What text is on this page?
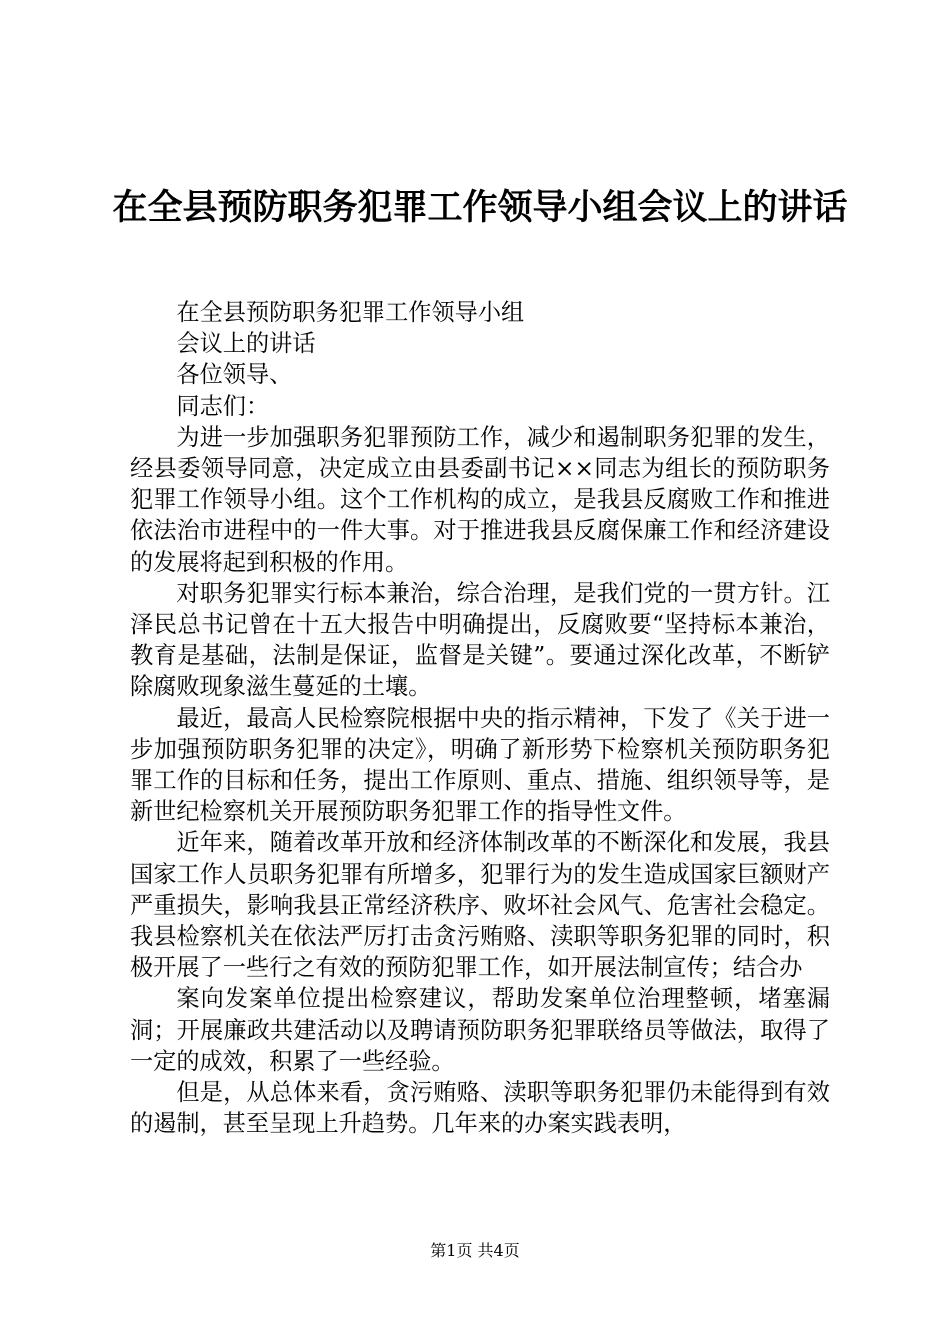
在全县预防职务犯罪工作领导小组会议上的讲话

在全县预防职务犯罪工作领导小组

会议上的讲话

各位领导、

同志们：

为进一步加强职务犯罪预防工作，减少和遏制职务犯罪的发生，经县委领导同意，决定成立由县委副书记××同志为组长的预防职务犯罪工作领导小组。这个工作机构的成立，是我县反腐败工作和推进依法治市进程中的一件大事。对于推进我县反腐保廉工作和经济建设的发展将起到积极的作用。

对职务犯罪实行标本兼治，综合治理，是我们党的一贯方针。江泽民总书记曾在十五大报告中明确提出，反腐败要“坚持标本兼治，教育是基础，法制是保证，监督是关键”。要通过深化改革，不断铲除腐败现象滋生蔓延的土壤。

最近，最高人民检察院根据中央的指示精神，下发了《关于进一步加强预防职务犯罪的决定》，明确了新形势下检察机关预防职务犯罪工作的目标和任务，提出工作原则、重点、措施、组织领导等，是新世纪检察机关开展预防职务犯罪工作的指导性文件。

近年来，随着改革开放和经济体制改革的不断深化和发展，我县国家工作人员职务犯罪有所增多，犯罪行为的发生造成国家巨额财产严重损失，影响我县正常经济秩序、败坏社会风气、危害社会稳定。我县检察机关在依法严厉打击贪污贿赂、渎职等职务犯罪的同时，积极开展了一些行之有效的预防犯罪工作，如开展法制宣传；结合办

案向发案单位提出检察建议，帮助发案单位治理整顿，堵塞漏洞；开展廉政共建活动以及聘请预防职务犯罪联络员等做法，取得了一定的成效，积累了一些经验。

但是，从总体来看，贪污贿赂、渎职等职务犯罪仍未能得到有效的遏制，甚至呈现上升趋势。几年来的办案实践表明，

第1页 共4页
